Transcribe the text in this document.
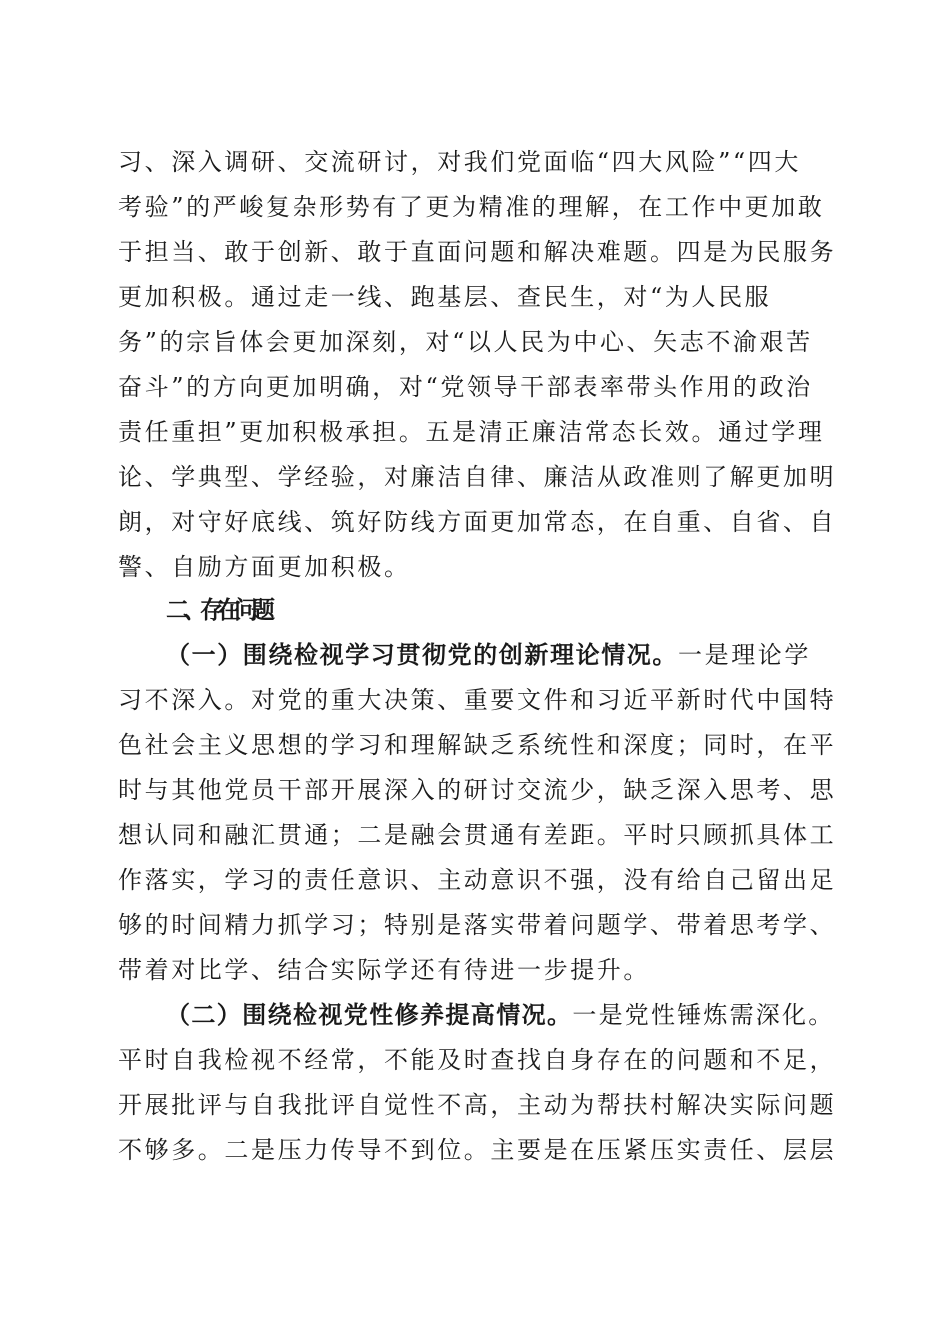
习、深入调研、交流研讨，对我们党面临“四大风险”“四大
考验”的严峻复杂形势有了更为精准的理解，在工作中更加敢
于担当、敢于创新、敢于直面问题和解决难题。四是为民服务
更加积极。通过走一线、跑基层、查民生，对“为人民服
务”的宗旨体会更加深刻，对“以人民为中心、矢志不渝艰苦
奋斗”的方向更加明确，对“党领导干部表率带头作用的政治
责任重担”更加积极承担。五是清正廉洁常态长效。通过学理
论、学典型、学经验，对廉洁自律、廉洁从政准则了解更加明
朗，对守好底线、筑好防线方面更加常态，在自重、自省、自
警、自励方面更加积极。
二、存在问题
（一）围绕检视学习贯彻党的创新理论情况。一是理论学
习不深入。对党的重大决策、重要文件和习近平新时代中国特
色社会主义思想的学习和理解缺乏系统性和深度；同时，在平
时与其他党员干部开展深入的研讨交流少，缺乏深入思考、思
想认同和融汇贯通；二是融会贯通有差距。平时只顾抓具体工
作落实，学习的责任意识、主动意识不强，没有给自己留出足
够的时间精力抓学习；特别是落实带着问题学、带着思考学、
带着对比学、结合实际学还有待进一步提升。
（二）围绕检视党性修养提高情况。一是党性锤炼需深化。
平时自我检视不经常，不能及时查找自身存在的问题和不足，
开展批评与自我批评自觉性不高，主动为帮扶村解决实际问题
不够多。二是压力传导不到位。主要是在压紧压实责任、层层
